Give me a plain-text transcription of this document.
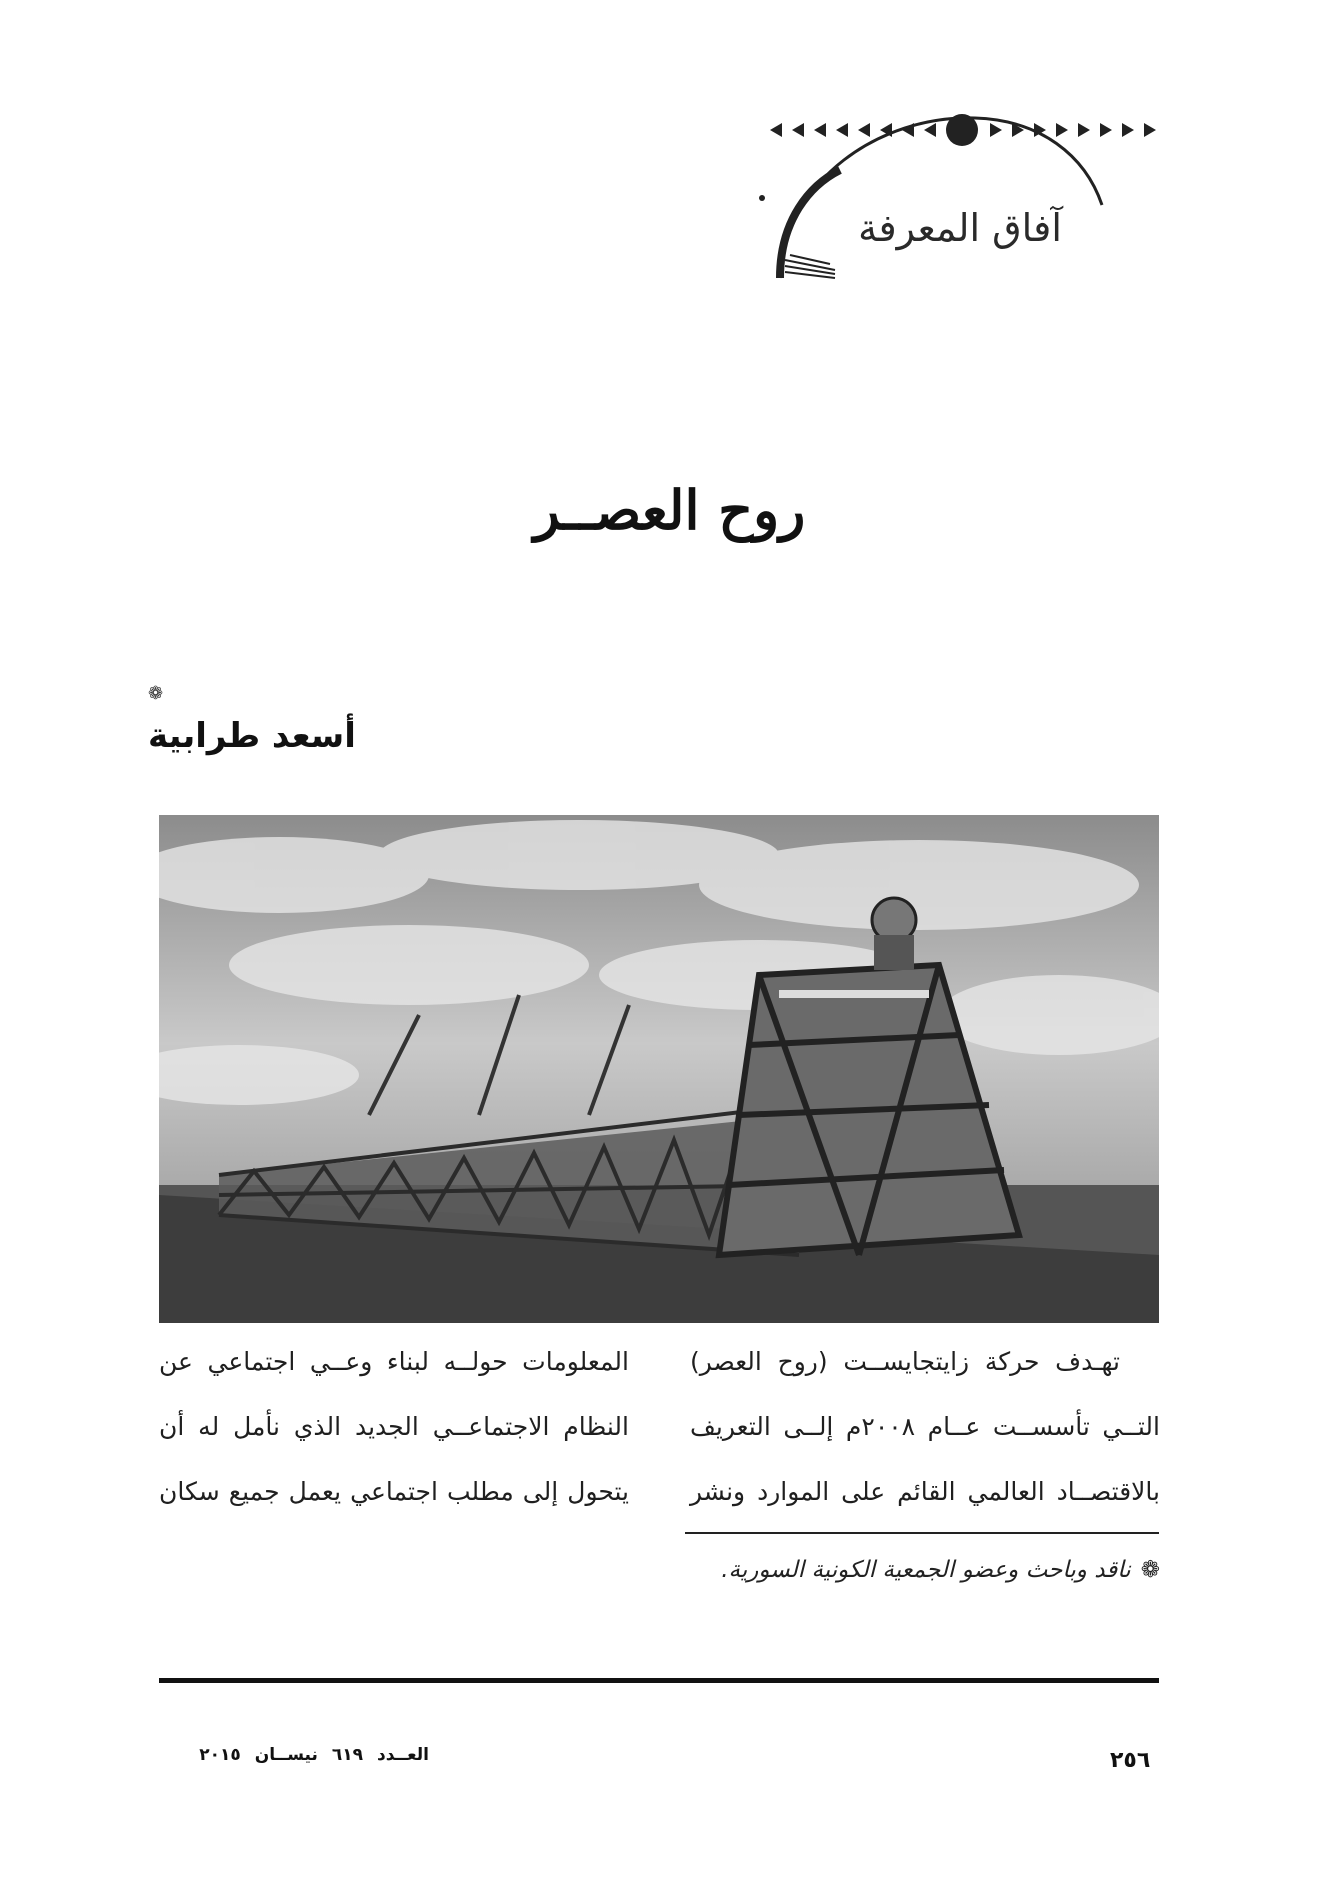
آفاق المعرفة
روح العصــر
❁
أسعد طرابية

تهـدف حركة زايتجايســت (روح العصر)

التــي تأسســت عــام ٢٠٠٨م إلــى التعريف

بالاقتصــاد العالمي القائم على الموارد ونشر

المعلومات حولــه لبناء وعــي اجتماعي عن

النظام الاجتماعــي الجديد الذي نأمل له أن

يتحول إلى مطلب اجتماعي يعمل جميع سكان

❁ناقد وباحث وعضو الجمعية الكونية السورية.
٢٥٦
العــدد٦١٩نيســان٢٠١٥
